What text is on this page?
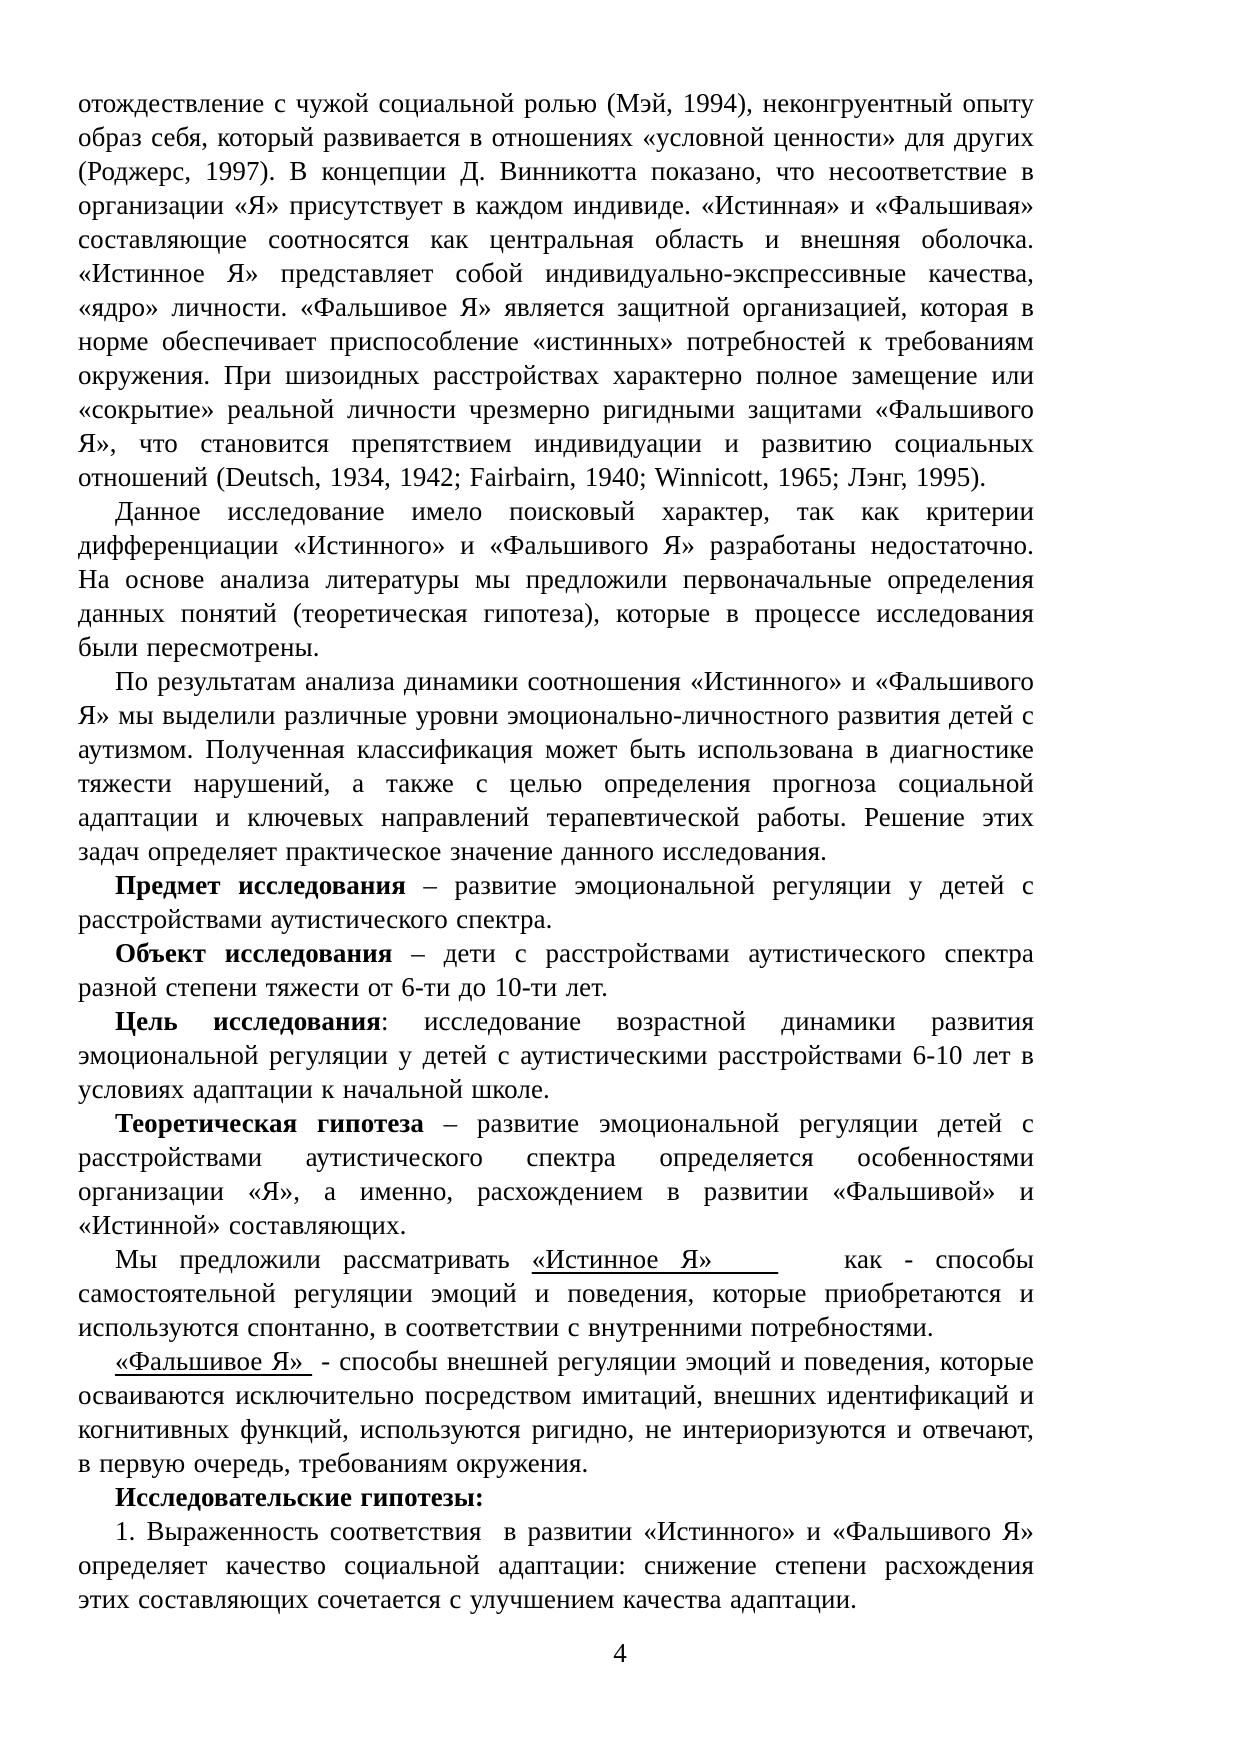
отождествление с чужой социальной ролью (Мэй, 1994), неконгруентный опыту образ себя, который развивается в отношениях «условной ценности» для других (Роджерс, 1997). В концепции Д. Винникотта показано, что несоответствие в организации «Я» присутствует в каждом индивиде. «Истинная» и «Фальшивая» составляющие соотносятся как центральная область и внешняя оболочка. «Истинное Я» представляет собой индивидуально-экспрессивные качества, «ядро» личности. «Фальшивое Я» является защитной организацией, которая в норме обеспечивает приспособление «истинных» потребностей к требованиям окружения. При шизоидных расстройствах характерно полное замещение или «сокрытие» реальной личности чрезмерно ригидными защитами «Фальшивого Я», что становится препятствием индивидуации и развитию социальных отношений (Deutsch, 1934, 1942; Fairbairn, 1940; Winnicott, 1965; Лэнг, 1995).

Данное исследование имело поисковый характер, так как критерии дифференциации «Истинного» и «Фальшивого Я» разработаны недостаточно. На основе анализа литературы мы предложили первоначальные определения данных понятий (теоретическая гипотеза), которые в процессе исследования были пересмотрены.

По результатам анализа динамики соотношения «Истинного» и «Фальшивого Я» мы выделили различные уровни эмоционально-личностного развития детей с аутизмом. Полученная классификация может быть использована в диагностике тяжести нарушений, а также с целью определения прогноза социальной адаптации и ключевых направлений терапевтической работы. Решение этих задач определяет практическое значение данного исследования.

Предмет исследования – развитие эмоциональной регуляции у детей с расстройствами аутистического спектра.

Объект исследования – дети с расстройствами аутистического спектра разной степени тяжести от 6-ти до 10-ти лет.

Цель исследования: исследование возрастной динамики развития эмоциональной регуляции у детей с аутистическими расстройствами 6-10 лет в условиях адаптации к начальной школе.

Теоретическая гипотеза – развитие эмоциональной регуляции детей с расстройствами аутистического спектра определяется особенностями организации «Я», а именно, расхождением в развитии «Фальшивой» и «Истинной» составляющих.

Мы предложили рассматривать «Истинное Я»      как - способы самостоятельной регуляции эмоций и поведения, которые приобретаются и используются спонтанно, в соответствии с внутренними потребностями.

«Фальшивое Я»  - способы внешней регуляции эмоций и поведения, которые осваиваются исключительно посредством имитаций, внешних идентификаций и когнитивных функций, используются ригидно, не интериоризуются и отвечают, в первую очередь, требованиям окружения.

Исследовательские гипотезы:

1. Выраженность соответствия  в развитии «Истинного» и «Фальшивого Я» определяет качество социальной адаптации: снижение степени расхождения этих составляющих сочетается с улучшением качества адаптации.

4
